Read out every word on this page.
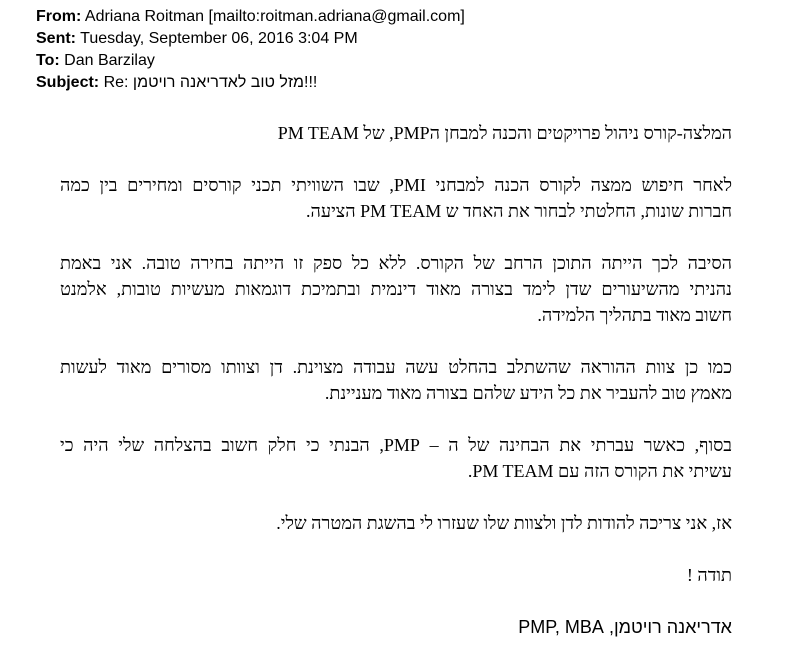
From: Adriana Roitman [mailto:roitman.adriana@gmail.com]
Sent: Tuesday, September 06, 2016 3:04 PM
To: Dan Barzilay
Subject: Re: מזל טוב לאדריאנה רויטמן!!!
המלצה-קורס ניהול פרויקטים והכנה למבחן הPMP, של PM TEAM
לאחר חיפוש ממצה לקורס הכנה למבחני PMI, שבו השוויתי תכני קורסים ומחירים בין כמה
חברות שונות, החלטתי לבחור את האחד ש PM TEAM הציעה.
הסיבה לכך הייתה התוכן הרחב של הקורס. ללא כל ספק זו הייתה בחירה טובה. אני באמת
נהניתי מהשיעורים שדן לימד בצורה מאוד דינמית ובתמיכת דוגמאות מעשיות טובות, אלמנט
חשוב מאוד בתהליך הלמידה.
כמו כן צוות ההוראה שהשתלב בהחלט עשה עבודה מצוינת. דן וצוותו מסורים מאוד לעשות
מאמץ טוב להעביר את כל הידע שלהם בצורה מאוד מעניינת.
בסוף, כאשר עברתי את הבחינה של ה – PMP, הבנתי כי חלק חשוב בהצלחה שלי היה כי
עשיתי את הקורס הזה עם PM TEAM.
אז, אני צריכה להודות לדן ולצוות שלו שעזרו לי בהשגת המטרה שלי.
תודה !
אדריאנה רויטמן, PMP, MBA
